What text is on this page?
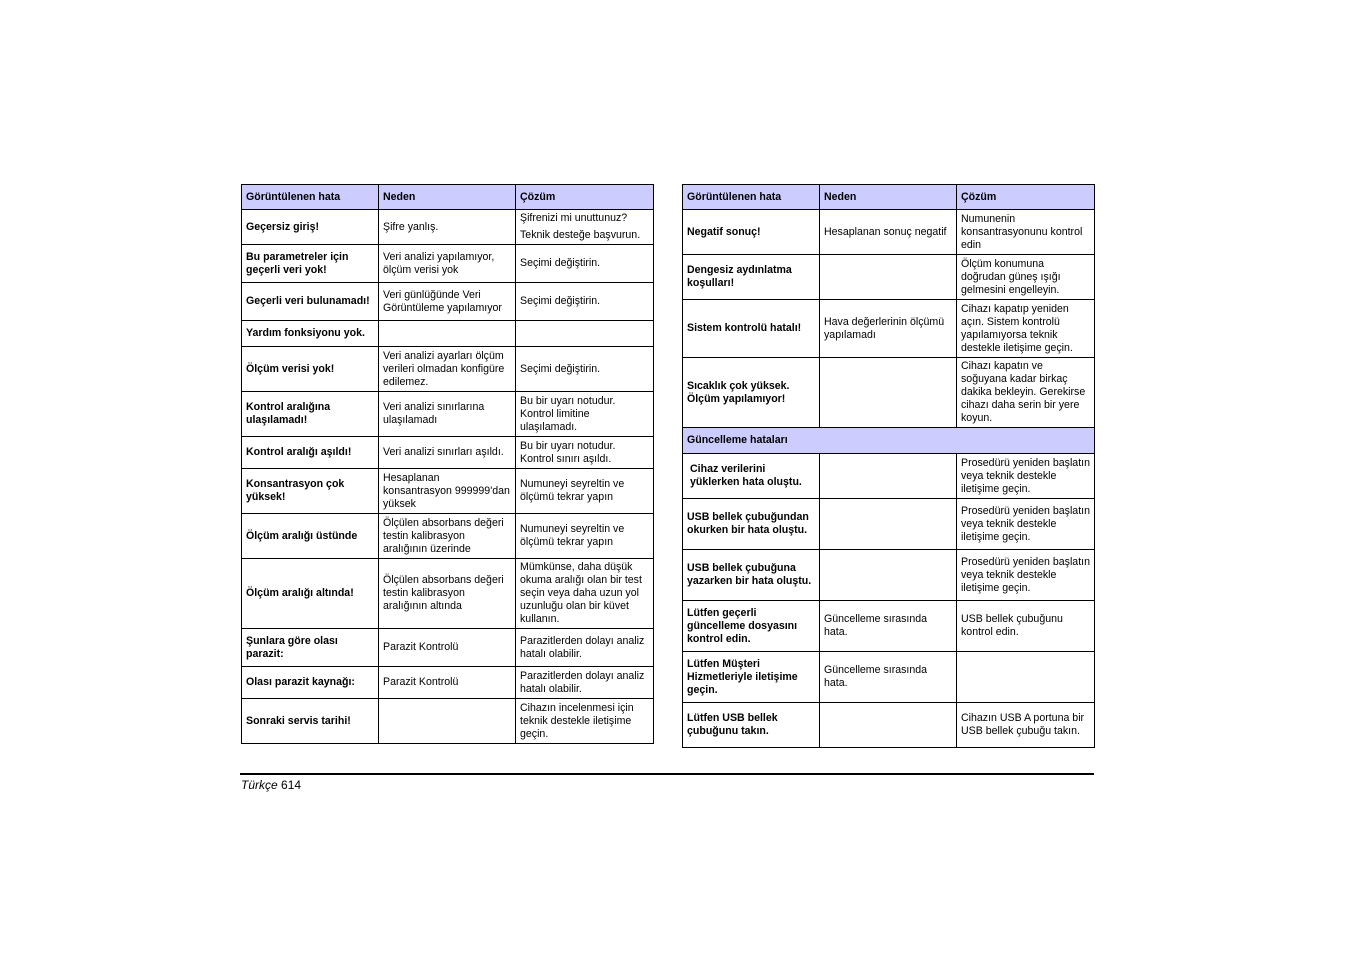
Görüntülenen hata	Neden	Çözüm
Geçersiz giriş!	Şifre yanlış.	Şifrenizi mi unuttunuz?
Teknik desteğe başvurun.

Bu parametreler için geçerli veri yok!	Veri analizi yapılamıyor, ölçüm verisi yok	Seçimi değiştirin.
Geçerli veri bulunamadı!	Veri günlüğünde Veri Görüntüleme yapılamıyor	Seçimi değiştirin.
Yardım fonksiyonu yok.		
Ölçüm verisi yok!	Veri analizi ayarları ölçüm verileri olmadan konfigüre edilemez.	Seçimi değiştirin.
Kontrol aralığına ulaşılamadı!	Veri analizi sınırlarına ulaşılamadı	Bu bir uyarı notudur. Kontrol limitine ulaşılamadı.
Kontrol aralığı aşıldı!	Veri analizi sınırları aşıldı.	Bu bir uyarı notudur. Kontrol sınırı aşıldı.
Konsantrasyon çok yüksek!	Hesaplanan konsantrasyon 999999'dan yüksek	Numuneyi seyreltin ve ölçümü tekrar yapın
Ölçüm aralığı üstünde	Ölçülen absorbans değeri testin kalibrasyon aralığının üzerinde	Numuneyi seyreltin ve ölçümü tekrar yapın
Ölçüm aralığı altında!	Ölçülen absorbans değeri testin kalibrasyon aralığının altında	Mümkünse, daha düşük okuma aralığı olan bir test seçin veya daha uzun yol uzunluğu olan bir küvet kullanın.
Şunlara göre olası parazit:	Parazit Kontrolü	Parazitlerden dolayı analiz hatalı olabilir.
Olası parazit kaynağı:	Parazit Kontrolü	Parazitlerden dolayı analiz hatalı olabilir.
Sonraki servis tarihi!		Cihazın incelenmesi için teknik destekle iletişime geçin.
Görüntülenen hata	Neden	Çözüm
Negatif sonuç!	Hesaplanan sonuç negatif	Numunenin konsantrasyonunu kontrol edin
Dengesiz aydınlatma koşulları!		Ölçüm konumuna doğrudan güneş ışığı gelmesini engelleyin.
Sistem kontrolü hatalı!	Hava değerlerinin ölçümü yapılamadı	Cihazı kapatıp yeniden açın. Sistem kontrolü yapılamıyorsa teknik destekle iletişime geçin.
Sıcaklık çok yüksek. Ölçüm yapılamıyor!		Cihazı kapatın ve soğuyana kadar birkaç dakika bekleyin. Gerekirse cihazı daha serin bir yere koyun.
Güncelleme hataları		
Cihaz verilerini yüklerken hata oluştu.		Prosedürü yeniden başlatın veya teknik destekle iletişime geçin.
USB bellek çubuğundan okurken bir hata oluştu.		Prosedürü yeniden başlatın veya teknik destekle iletişime geçin.
USB bellek çubuğuna yazarken bir hata oluştu.		Prosedürü yeniden başlatın veya teknik destekle iletişime geçin.
Lütfen geçerli güncelleme dosyasını kontrol edin.	Güncelleme sırasında hata.	USB bellek çubuğunu kontrol edin.
Lütfen Müşteri Hizmetleriyle iletişime geçin.	Güncelleme sırasında hata.	
Lütfen USB bellek çubuğunu takın.		Cihazın USB A portuna bir USB bellek çubuğu takın.
Türkçe 614
